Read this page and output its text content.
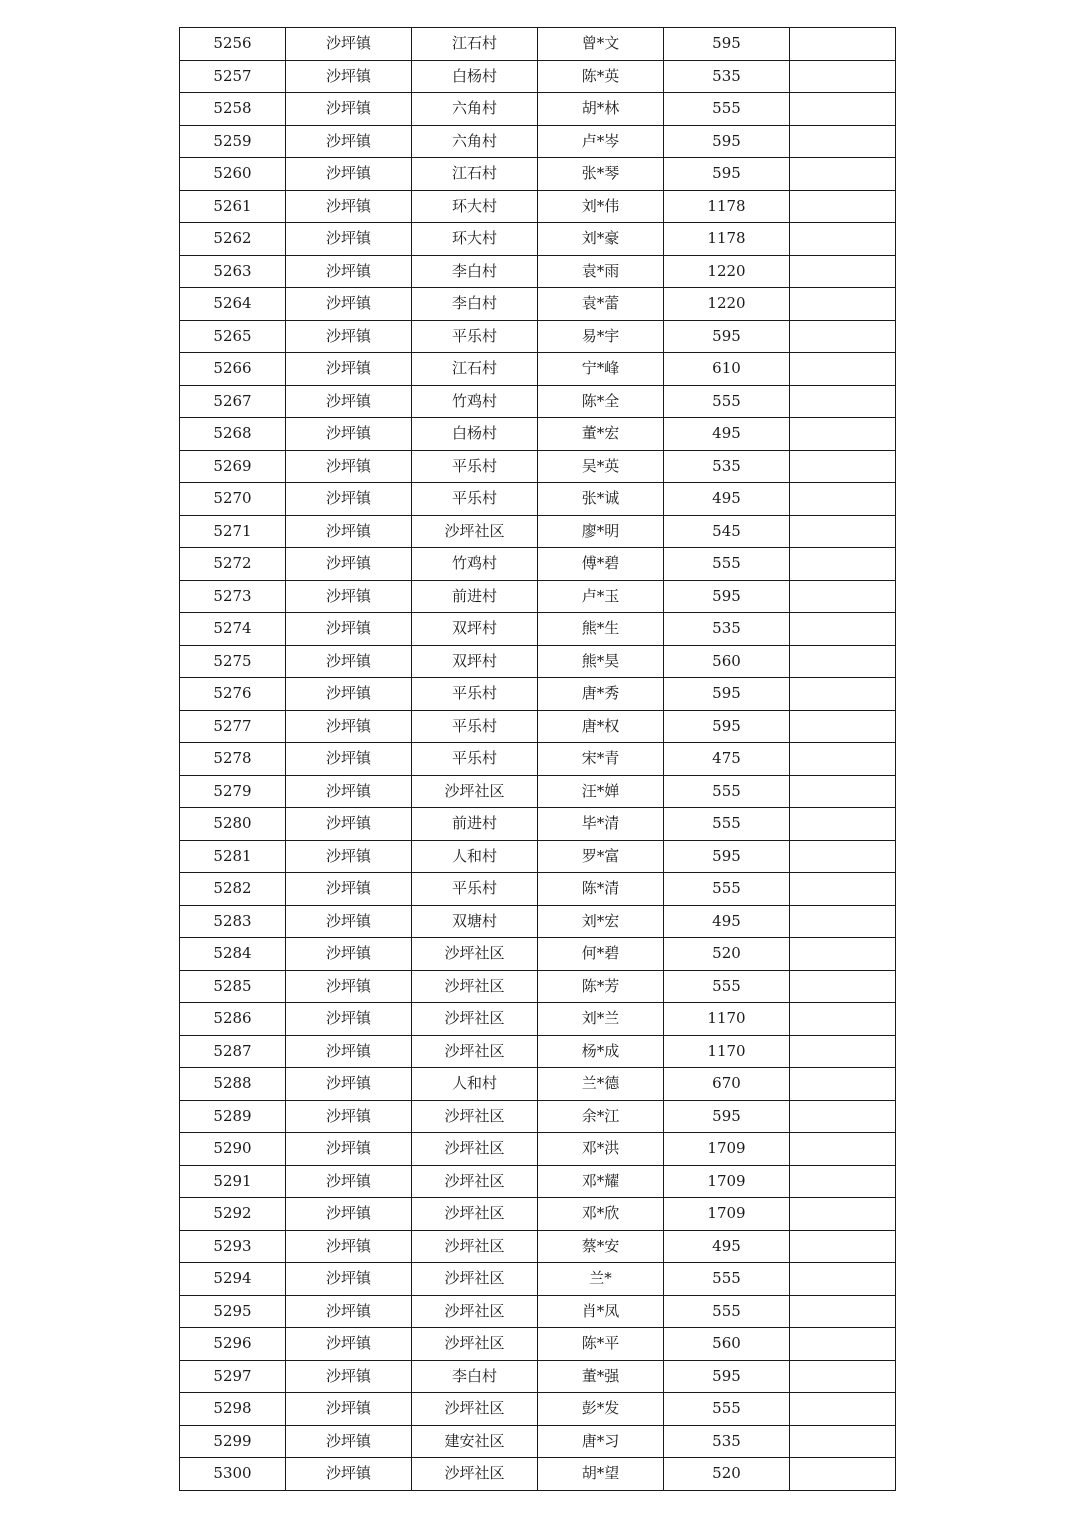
5256	沙坪镇	江石村	曾*文	595	
5257	沙坪镇	白杨村	陈*英	535	
5258	沙坪镇	六角村	胡*林	555	
5259	沙坪镇	六角村	卢*岑	595	
5260	沙坪镇	江石村	张*琴	595	
5261	沙坪镇	环大村	刘*伟	1178	
5262	沙坪镇	环大村	刘*豪	1178	
5263	沙坪镇	李白村	袁*雨	1220	
5264	沙坪镇	李白村	袁*蕾	1220	
5265	沙坪镇	平乐村	易*宇	595	
5266	沙坪镇	江石村	宁*峰	610	
5267	沙坪镇	竹鸡村	陈*全	555	
5268	沙坪镇	白杨村	董*宏	495	
5269	沙坪镇	平乐村	吴*英	535	
5270	沙坪镇	平乐村	张*诚	495	
5271	沙坪镇	沙坪社区	廖*明	545	
5272	沙坪镇	竹鸡村	傅*碧	555	
5273	沙坪镇	前进村	卢*玉	595	
5274	沙坪镇	双坪村	熊*生	535	
5275	沙坪镇	双坪村	熊*昊	560	
5276	沙坪镇	平乐村	唐*秀	595	
5277	沙坪镇	平乐村	唐*权	595	
5278	沙坪镇	平乐村	宋*青	475	
5279	沙坪镇	沙坪社区	汪*婵	555	
5280	沙坪镇	前进村	毕*清	555	
5281	沙坪镇	人和村	罗*富	595	
5282	沙坪镇	平乐村	陈*清	555	
5283	沙坪镇	双塘村	刘*宏	495	
5284	沙坪镇	沙坪社区	何*碧	520	
5285	沙坪镇	沙坪社区	陈*芳	555	
5286	沙坪镇	沙坪社区	刘*兰	1170	
5287	沙坪镇	沙坪社区	杨*成	1170	
5288	沙坪镇	人和村	兰*德	670	
5289	沙坪镇	沙坪社区	余*江	595	
5290	沙坪镇	沙坪社区	邓*洪	1709	
5291	沙坪镇	沙坪社区	邓*耀	1709	
5292	沙坪镇	沙坪社区	邓*欣	1709	
5293	沙坪镇	沙坪社区	蔡*安	495	
5294	沙坪镇	沙坪社区	兰*	555	
5295	沙坪镇	沙坪社区	肖*凤	555	
5296	沙坪镇	沙坪社区	陈*平	560	
5297	沙坪镇	李白村	董*强	595	
5298	沙坪镇	沙坪社区	彭*发	555	
5299	沙坪镇	建安社区	唐*习	535	
5300	沙坪镇	沙坪社区	胡*望	520	
